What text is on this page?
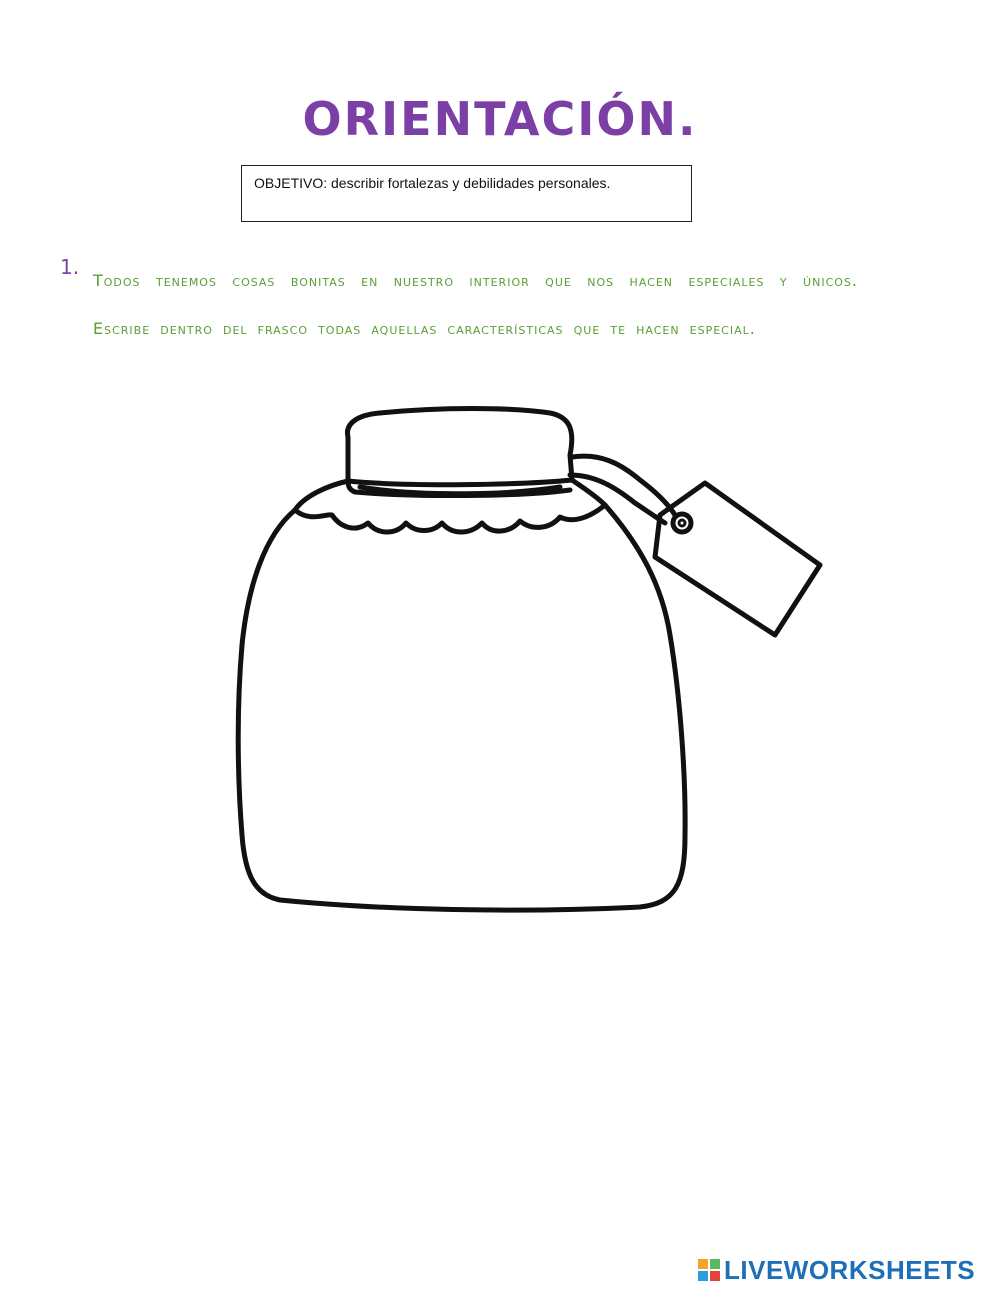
ORIENTACIÓN.
OBJETIVO: describir fortalezas y debilidades personales.
1.
Todos tenemos cosas bonitas en nuestro interior que nos hacen especiales y únicos. Escribe dentro del frasco todas aquellas características que te hacen especial.
LIVEWORKSHEETS
